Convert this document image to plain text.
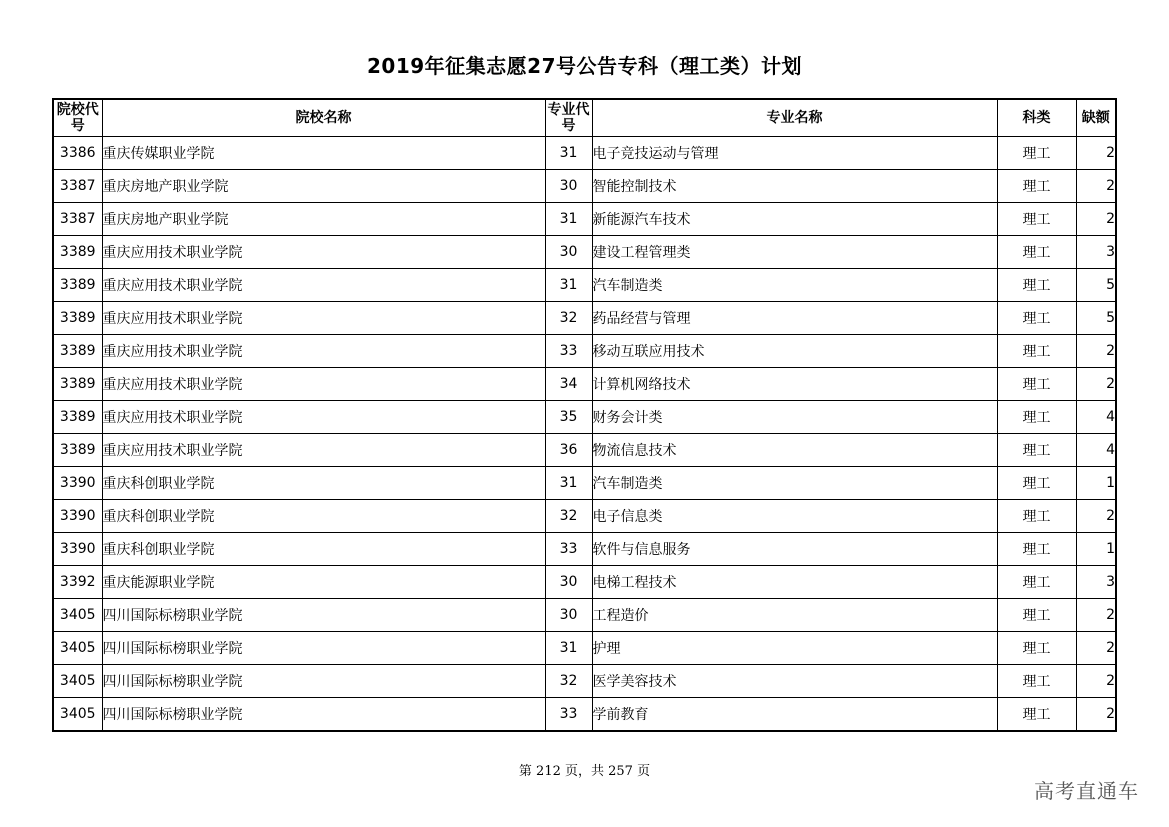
2019年征集志愿27号公告专科（理工类）计划
院校代号	院校名称	专业代号	专业名称	科类	缺额
3386	重庆传媒职业学院	31	电子竞技运动与管理	理工	2
3387	重庆房地产职业学院	30	智能控制技术	理工	2
3387	重庆房地产职业学院	31	新能源汽车技术	理工	2
3389	重庆应用技术职业学院	30	建设工程管理类	理工	3
3389	重庆应用技术职业学院	31	汽车制造类	理工	5
3389	重庆应用技术职业学院	32	药品经营与管理	理工	5
3389	重庆应用技术职业学院	33	移动互联应用技术	理工	2
3389	重庆应用技术职业学院	34	计算机网络技术	理工	2
3389	重庆应用技术职业学院	35	财务会计类	理工	4
3389	重庆应用技术职业学院	36	物流信息技术	理工	4
3390	重庆科创职业学院	31	汽车制造类	理工	1
3390	重庆科创职业学院	32	电子信息类	理工	2
3390	重庆科创职业学院	33	软件与信息服务	理工	1
3392	重庆能源职业学院	30	电梯工程技术	理工	3
3405	四川国际标榜职业学院	30	工程造价	理工	2
3405	四川国际标榜职业学院	31	护理	理工	2
3405	四川国际标榜职业学院	32	医学美容技术	理工	2
3405	四川国际标榜职业学院	33	学前教育	理工	2
第 212 页，共 257 页
高考直通车
